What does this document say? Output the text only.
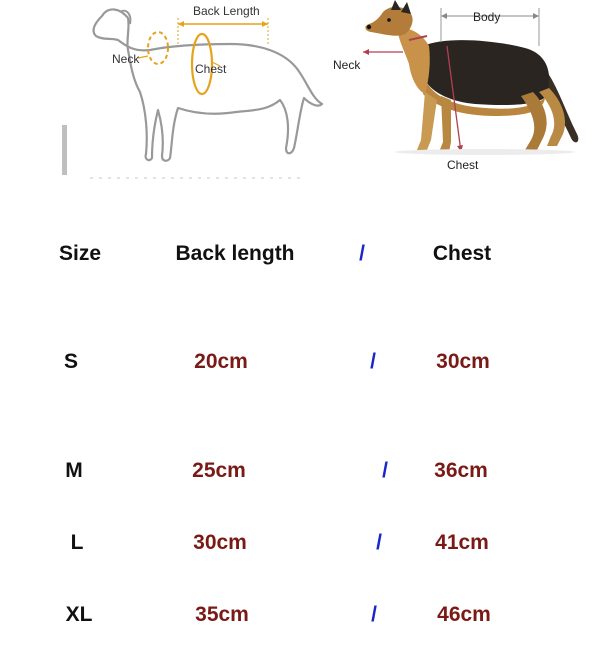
Back Length
Neck
Chest
Body
Neck
Chest
Size	Back length	/	Chest
S	20cm	/	30cm
M	25cm	/ 36cm
L	30cm	/	41cm
XL	35cm	/	46cm
